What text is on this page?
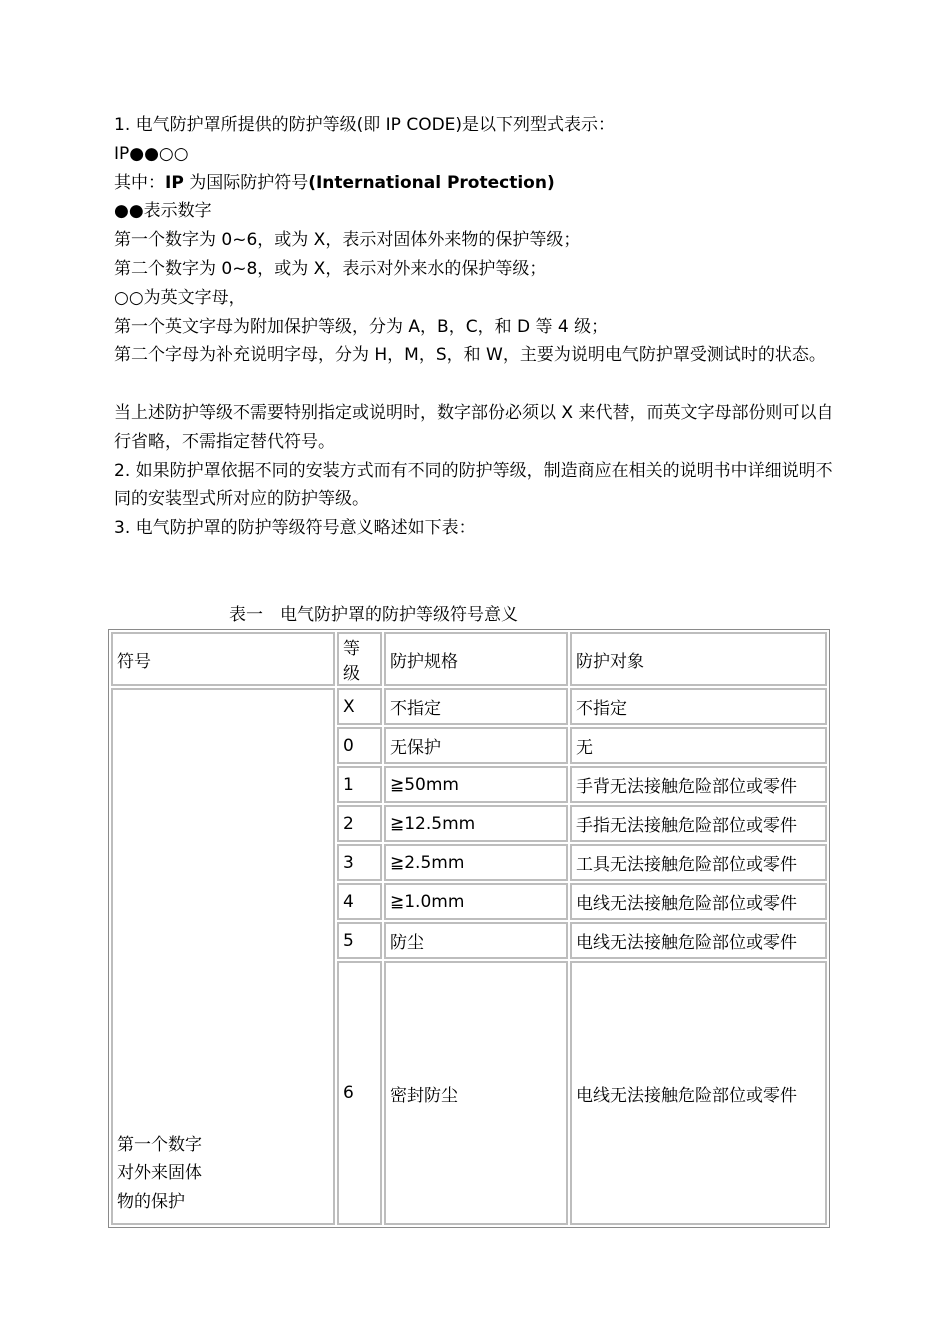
1. 电气防护罩所提供的防护等级(即 IP CODE)是以下列型式表示：

IP●●○○

其中：IP 为国际防护符号(International Protection)

●●表示数字

第一个数字为 0~6，或为 X，表示对固体外来物的保护等级；

第二个数字为 0~8，或为 X，表示对外来水的保护等级；

○○为英文字母，

第一个英文字母为附加保护等级，分为 A，B，C，和 D 等 4 级；

第二个字母为补充说明字母，分为 H，M，S，和 W，主要为说明电气防护罩受测试时的状态。

当上述防护等级不需要特别指定或说明时，数字部份必须以 X 来代替，而英文字母部份则可以自行省略，不需指定替代符号。

2. 如果防护罩依据不同的安装方式而有不同的防护等级，制造商应在相关的说明书中详细说明不同的安装型式所对应的防护等级。

3. 电气防护罩的防护等级符号意义略述如下表：

表一　电气防护罩的防护等级符号意义
符号	等级	防护规格	防护对象

第一个数字
对外来固体
物的保护	X	不指定	不指定
	0	无保护	无
	1	≧50mm	手背无法接触危险部位或零件
	2	≧12.5mm	手指无法接触危险部位或零件
	3	≧2.5mm	工具无法接触危险部位或零件
	4	≧1.0mm	电线无法接触危险部位或零件
	5	防尘	电线无法接触危险部位或零件
	6	密封防尘	电线无法接触危险部位或零件
